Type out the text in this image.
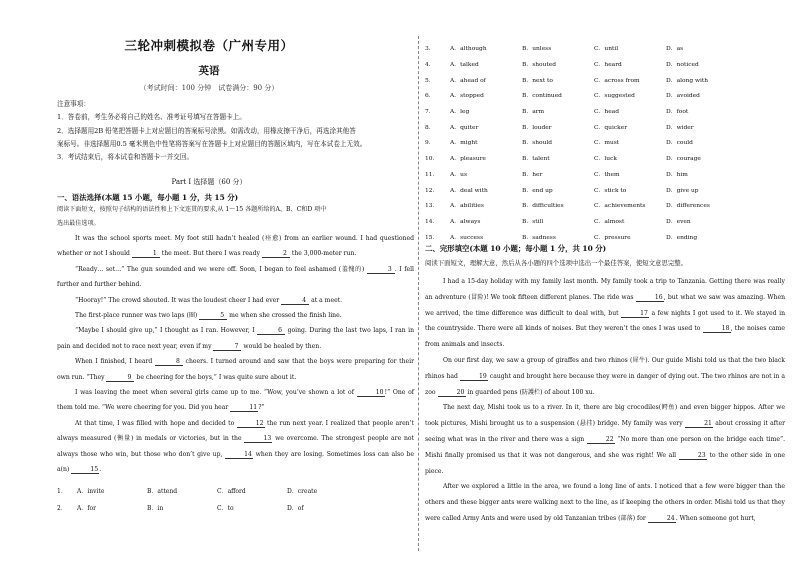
三轮冲刺模拟卷（广州专用）
英语
（考试时间：100 分钟　试卷满分：90 分）

注意事项：

1．答卷前，考生务必将自己的姓名、准考证号填写在答题卡上。

2．选择题用2B 铅笔把答题卡上对应题目的答案标号涂黑。如需改动，用橡皮擦干净后，再选涂其他答

案标号。非选择题用0.5 毫米黑色中性笔将答案写在答题卡上对应题目的答题区域内，写在本试卷上无效。

3．考试结束后，将本试卷和答题卡一并交回。

Part Ⅰ 选择题（60 分）
一、语法选择(本题 15 小题，每小题 1 分，共 15 分)

阅读下面短文，按照句子结构的语法性和上下文连贯的要求,从 1～15 各题所给的A、B、C和D 项中

选出最佳选项。

It was the school sports meet. My foot still hadn’t healed (痊愈) from an earlier wound. I had questioned whether or not I should	1 the meet. But there I was ready	2 the 3,000-meter run.

“Ready… set…” The gun sounded and we were off. Soon, I began to feel ashamed (羞愧的)	3 . I fell further and further behind.

“Hooray!” The crowd shouted. It was the loudest cheer I had ever	4 at a meet.

The first-place runner was two laps (圈)	5 me when she crossed the finish line.

“Maybe I should give up,” I thought as I ran. However, I	6 going. During the last two laps, I ran in pain and decided not to race next year, even if my	7 would be healed by then.

When I finished, I heard	8 cheers. I turned around and saw that the boys were preparing for their own run. “They	9 be cheering for the boys,” I was quite sure about it.

I was leaving the meet when several girls came up to me. “Wow, you’ve shown a lot of	10!” One of them told me. “We were cheering for you. Did you hear	11?”

At that time, I was filled with hope and decided to	12 the run next year. I realized that people aren’t always measured (衡量) in medals or victories, but in the	13 we overcome. The strongest people are not always those who win, but those who don’t give up,	14 when they are losing. Sometimes loss can also be a(n)	15.

1．	A．invite	B．attend	C．afford	D．create
2．	A．for	B．in	C．to	D．of
3．	A．although	B．unless	C．until	D．as
4．	A．talked	B．shouted	C．heard	D．noticed
5．	A．ahead of	B．next to	C．across from	D．along with
6．	A．stopped	B．continued	C．suggested	D．avoided
7．	A．leg	B．arm	C．head	D．foot
8．	A．quiter	B．louder	C．quicker	D．wider
9．	A．might	B．should	C．must	D．could
10．	A．pleasure	B．talent	C．luck	D．courage
11．	A．us	B．her	C．them	D．him
12．	A．deal with	B．end up	C．stick to	D．give up
13．	A．abilities	B．difficulties	C．achievements	D．differences
14．	A．always	B．still	C．almost	D．even
15．	A．success	B．sadness	C．pressure	D．ending
二、完形填空(本题 10 小题；每小题 1 分，共 10 分)
阅读下面短文，理解大意，然后从各小题的四个选项中选出一个最佳答案，使短文意思完整。

I had a 15-day holiday with my family last month. My family took a trip to Tanzania. Getting there was really an adventure (冒险)! We took fifteen different planes. The ride was	16, but what we saw was amazing. When we arrived, the time difference was difficult to deal with, but	17 a few nights I got used to it. We stayed in the countryside. There were all kinds of noises. But they weren’t the ones I was used to	18, the noises came from animals and insects.

On our first day, we saw a group of giraffes and two rhinos (犀牛). Our guide Mishi told us that the two black rhinos had	19 caught and brought here because they were in danger of dying out. The two rhinos are not in a zoo	20 in guarded pens (防護栏) of about 100 xu.

The next day, Mishi took us to a river. In it, there are big crocodiles(鳄鱼) and even bigger hippos. After we took pictures, Mishi brought us to a suspension (悬挂) bridge. My family was very	21 about crossing it after seeing what was in the river and there was a sign	22 “No more than one person on the bridge each time”. Mishi finally promised us that it was not dangerous, and she was right! We all	23 to the other side in one piece.

After we explored a little in the area, we found a long line of ants. I noticed that a few were bigger than the others and these bigger ants were walking next to the line, as if keeping the others in order. Mishi told us that they were called Army Ants and were used by old Tanzanian tribes (部落) for	24. When someone got hurt,
